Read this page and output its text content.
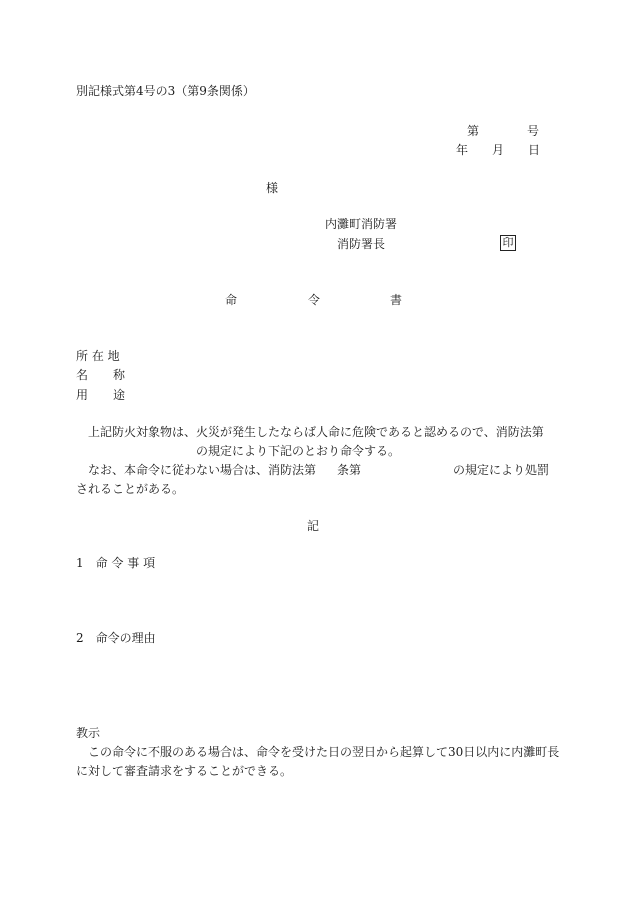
別記様式第4号の3（第9条関係）
第	号
年 月 日
様
内灘町消防署
消防署長	印
命	令	書
所 在 地
名 称
用 途
上記防火対象物は、火災が発生したならば人命に危険であると認めるので、消防法第
の規定により下記のとおり命令する。
なお、本命令に従わない場合は、消防法第 条第	の規定により処罰
されることがある。
記
1　命 令 事 項
2　命令の理由
教示
この命令に不服のある場合は、命令を受けた日の翌日から起算して30日以内に内灘町長
に対して審査請求をすることができる。
